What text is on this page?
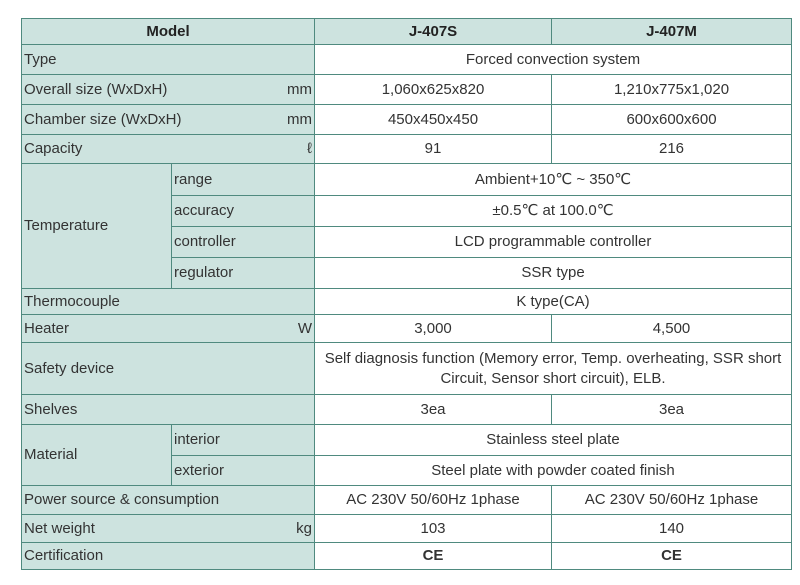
Model		J-407S	J-407M
Type		Forced convection system	

Overall size (WxDxH) mm		1,060x625x820	1,210x775x1,020

Chamber size (WxDxH) mm		450x450x450	600x600x600

Capacity ℓ		91	216
Temperature	range	Ambient+10℃ ~ 350℃	
	accuracy	±0.5℃ at 100.0℃	
	controller	LCD programmable controller	
	regulator	SSR type	
Thermocouple		K type(CA)	

Heater W		3,000	4,500
Safety device		Self diagnosis function (Memory error, Temp. overheating, SSR short Circuit, Sensor short circuit), ELB.	
Shelves		3ea	3ea
Material	interior	Stainless steel plate	
	exterior	Steel plate with powder coated finish	
Power source & consumption		AC 230V 50/60Hz 1phase	AC 230V 50/60Hz 1phase

Net weight kg		103	140
Certification		CE	CE
